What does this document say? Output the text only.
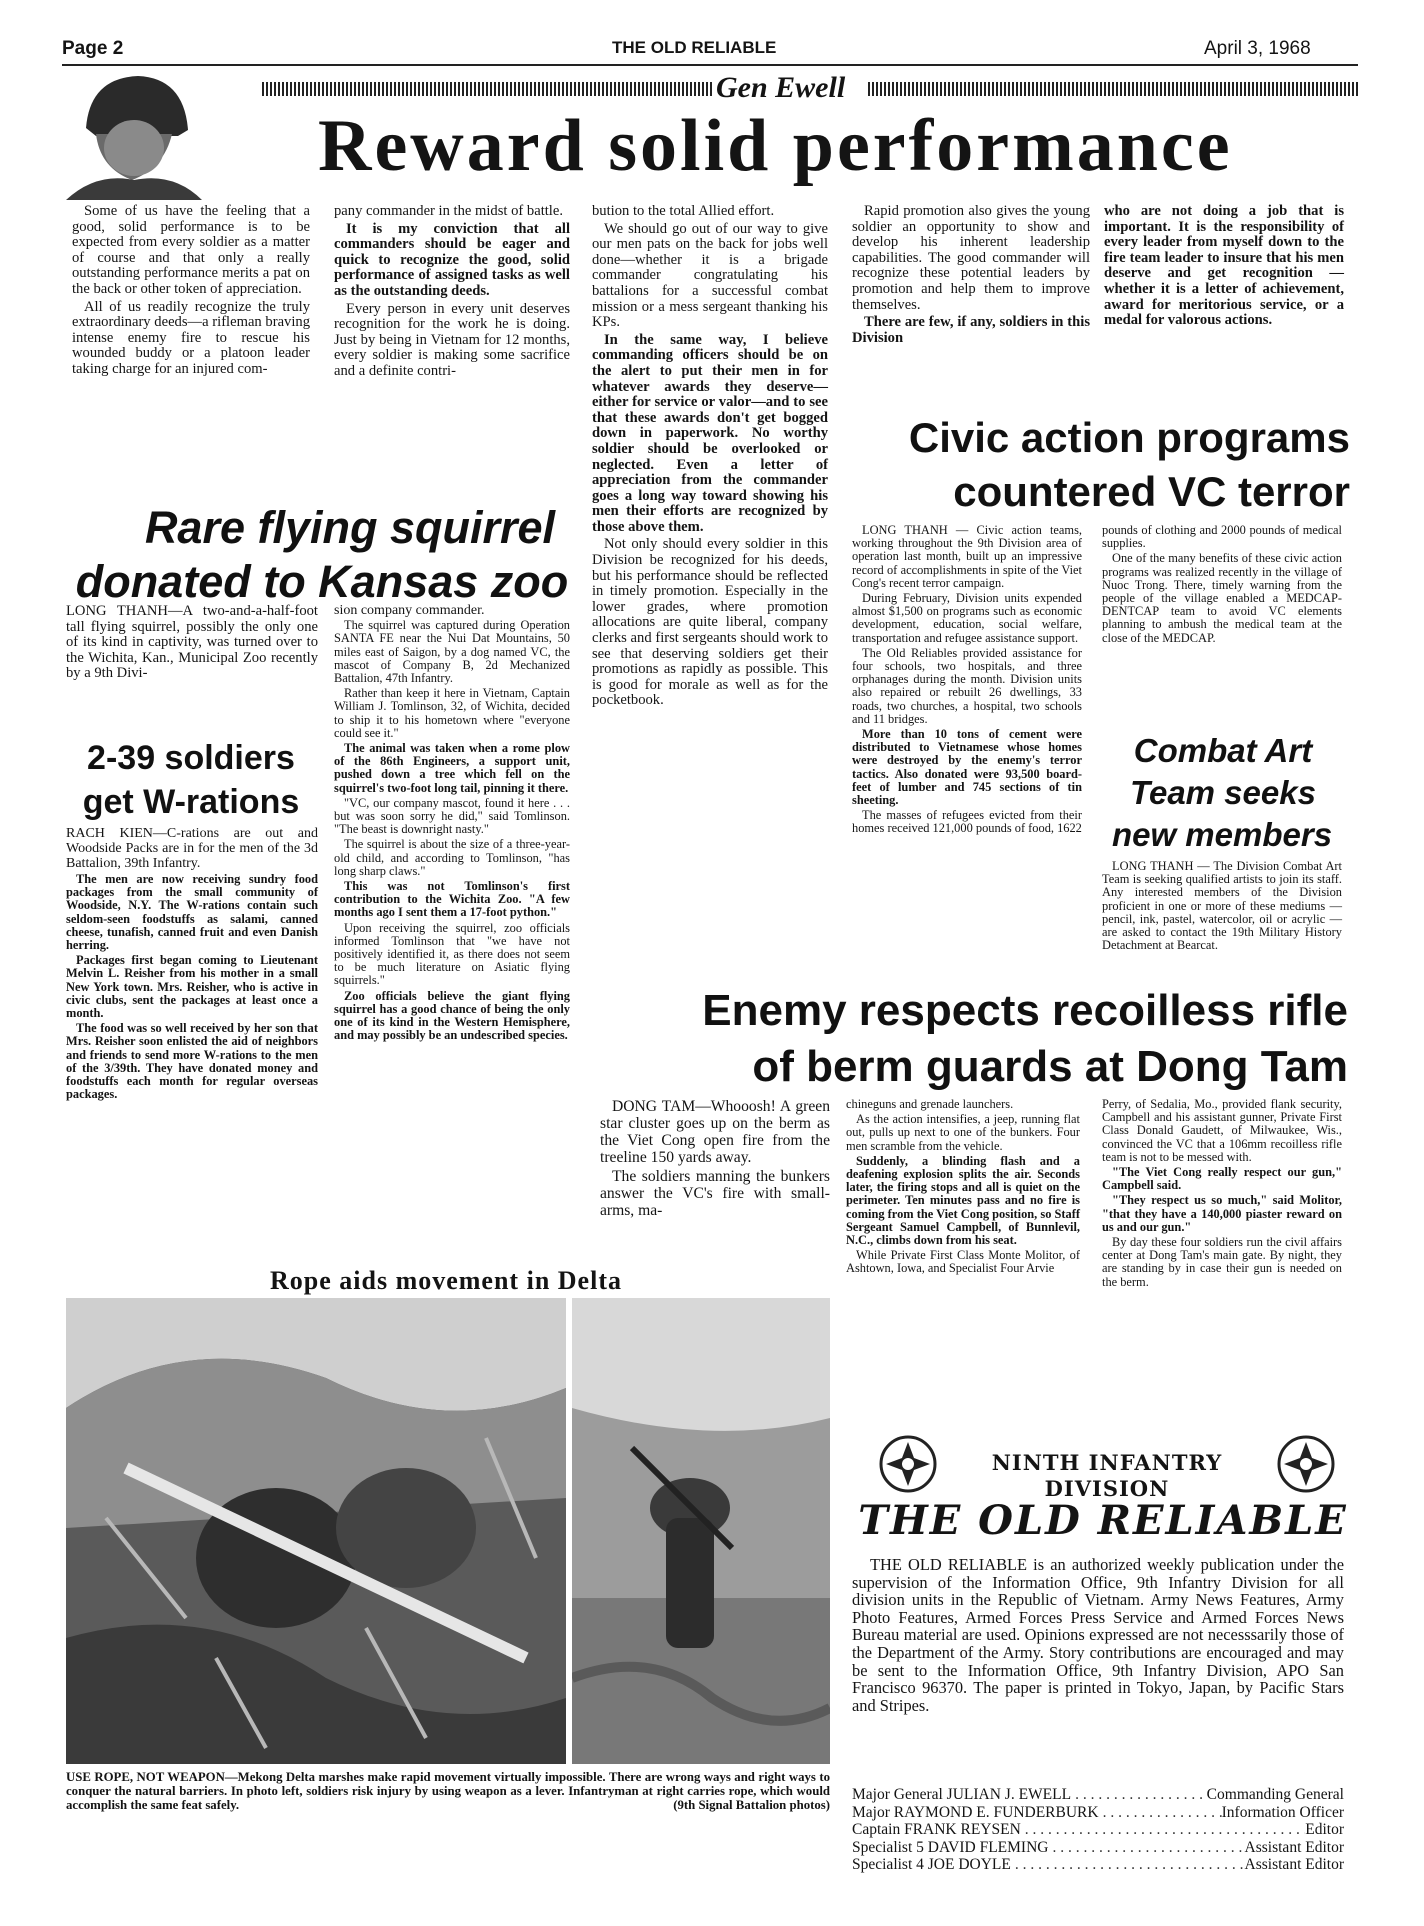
Page 2	THE OLD RELIABLE	April 3, 1968
Gen Ewell
Reward solid performance

Some of us have the feeling that a good, solid performance is to be expected from every soldier as a matter of course and that only a really outstanding performance merits a pat on the back or other token of appreciation.

All of us readily recognize the truly extraordinary deeds—a rifleman braving intense enemy fire to rescue his wounded buddy or a platoon leader taking charge for an injured com-

pany commander in the midst of battle.

It is my conviction that all commanders should be eager and quick to recognize the good, solid performance of assigned tasks as well as the outstanding deeds.

Every person in every unit deserves recognition for the work he is doing. Just by being in Vietnam for 12 months, every soldier is making some sacrifice and a definite contri-

bution to the total Allied effort.

We should go out of our way to give our men pats on the back for jobs well done—whether it is a brigade commander congratulating his battalions for a successful combat mission or a mess sergeant thanking his KPs.

In the same way, I believe commanding officers should be on the alert to put their men in for whatever awards they deserve—either for service or valor—and to see that these awards don't get bogged down in paperwork. No worthy soldier should be overlooked or neglected. Even a letter of appreciation from the commander goes a long way toward showing his men their efforts are recognized by those above them.

Not only should every soldier in this Division be recognized for his deeds, but his performance should be reflected in timely promotion. Especially in the lower grades, where promotion allocations are quite liberal, company clerks and first sergeants should work to see that deserving soldiers get their promotions as rapidly as possible. This is good for morale as well as for the pocketbook.

Rapid promotion also gives the young soldier an opportunity to show and develop his inherent leadership capabilities. The good commander will recognize these potential leaders by promotion and help them to improve themselves.

There are few, if any, soldiers in this Division

who are not doing a job that is important. It is the responsibility of every leader from myself down to the fire team leader to insure that his men deserve and get recognition — whether it is a letter of achievement, award for meritorious service, or a medal for valorous actions.

Rare flying squirrel
donated to Kansas zoo

LONG THANH—A two-and-a-half-foot tall flying squirrel, possibly the only one of its kind in captivity, was turned over to the Wichita, Kan., Municipal Zoo recently by a 9th Divi-

sion company commander.

The squirrel was captured during Operation SANTA FE near the Nui Dat Mountains, 50 miles east of Saigon, by a dog named VC, the mascot of Company B, 2d Mechanized Battalion, 47th Infantry.

Rather than keep it here in Vietnam, Captain William J. Tomlinson, 32, of Wichita, decided to ship it to his hometown where "everyone could see it."

The animal was taken when a rome plow of the 86th Engineers, a support unit, pushed down a tree which fell on the squirrel's two-foot long tail, pinning it there.

"VC, our company mascot, found it here . . . but was soon sorry he did," said Tomlinson. "The beast is downright nasty."

The squirrel is about the size of a three-year-old child, and according to Tomlinson, "has long sharp claws."

This was not Tomlinson's first contribution to the Wichita Zoo. "A few months ago I sent them a 17-foot python."

Upon receiving the squirrel, zoo officials informed Tomlinson that "we have not positively identified it, as there does not seem to be much literature on Asiatic flying squirrels."

Zoo officials believe the giant flying squirrel has a good chance of being the only one of its kind in the Western Hemisphere, and may possibly be an undescribed species.

2-39 soldiers
get W-rations

RACH KIEN—C-rations are out and Woodside Packs are in for the men of the 3d Battalion, 39th Infantry.

The men are now receiving sundry food packages from the small community of Woodside, N.Y. The W-rations contain such seldom-seen foodstuffs as salami, canned cheese, tunafish, canned fruit and even Danish herring.

Packages first began coming to Lieutenant Melvin L. Reisher from his mother in a small New York town. Mrs. Reisher, who is active in civic clubs, sent the packages at least once a month.

The food was so well received by her son that Mrs. Reisher soon enlisted the aid of neighbors and friends to send more W-rations to the men of the 3/39th. They have donated money and foodstuffs each month for regular overseas packages.

Civic action programs
countered VC terror

LONG THANH — Civic action teams, working throughout the 9th Division area of operation last month, built up an impressive record of accomplishments in spite of the Viet Cong's recent terror campaign.

During February, Division units expended almost $1,500 on programs such as economic development, education, social welfare, transportation and refugee assistance support.

The Old Reliables provided assistance for four schools, two hospitals, and three orphanages during the month. Division units also repaired or rebuilt 26 dwellings, 33 roads, two churches, a hospital, two schools and 11 bridges.

More than 10 tons of cement were distributed to Vietnamese whose homes were destroyed by the enemy's terror tactics. Also donated were 93,500 board-feet of lumber and 745 sections of tin sheeting.

The masses of refugees evicted from their homes received 121,000 pounds of food, 1622

pounds of clothing and 2000 pounds of medical supplies.

One of the many benefits of these civic action programs was realized recently in the village of Nuoc Trong. There, timely warning from the people of the village enabled a MEDCAP-DENTCAP team to avoid VC elements planning to ambush the medical team at the close of the MEDCAP.

Combat Art
Team seeks
new members

LONG THANH — The Division Combat Art Team is seeking qualified artists to join its staff. Any interested members of the Division proficient in one or more of these mediums — pencil, ink, pastel, watercolor, oil or acrylic — are asked to contact the 19th Military History Detachment at Bearcat.

Enemy respects recoilless rifle
of berm guards at Dong Tam

DONG TAM—Whooosh! A green star cluster goes up on the berm as the Viet Cong open fire from the treeline 150 yards away.

The soldiers manning the bunkers answer the VC's fire with small-arms, ma-

chineguns and grenade launchers.

As the action intensifies, a jeep, running flat out, pulls up next to one of the bunkers. Four men scramble from the vehicle.

Suddenly, a blinding flash and a deafening explosion splits the air. Seconds later, the firing stops and all is quiet on the perimeter. Ten minutes pass and no fire is coming from the Viet Cong position, so Staff Sergeant Samuel Campbell, of Bunnlevil, N.C., climbs down from his seat.

While Private First Class Monte Molitor, of Ashtown, Iowa, and Specialist Four Arvie

Perry, of Sedalia, Mo., provided flank security, Campbell and his assistant gunner, Private First Class Donald Gaudett, of Milwaukee, Wis., convinced the VC that a 106mm recoilless rifle team is not to be messed with.

"The Viet Cong really respect our gun," Campbell said.

"They respect us so much," said Molitor, "that they have a 140,000 piaster reward on us and our gun."

By day these four soldiers run the civil affairs center at Dong Tam's main gate. By night, they are standing by in case their gun is needed on the berm.

Rope aids movement in Delta
USE ROPE, NOT WEAPON—Mekong Delta marshes make rapid movement virtually impossible. There are wrong ways and right ways to conquer the natural barriers. In photo left, soldiers risk injury by using weapon as a lever. Infantryman at right carries rope, which would accomplish the same feat safely.	(9th Signal Battalion photos)
NINTH INFANTRY DIVISION
THE OLD RELIABLE
THE OLD RELIABLE is an authorized weekly publication under the supervision of the Information Office, 9th Infantry Division for all division units in the Republic of Vietnam. Army News Features, Army Photo Features, Armed Forces Press Service and Armed Forces News Bureau material are used. Opinions expressed are not necesssarily those of the Department of the Army. Story contributions are encouraged and may be sent to the Information Office, 9th Infantry Division, APO San Francisco 96370. The paper is printed in Tokyo, Japan, by Pacific Stars and Stripes.
Major General JULIAN J. EWELL . . .	Commanding General
Major RAYMOND E. FUNDERBURK . . .	Information Officer
Captain FRANK REYSEN . . .	Editor
Specialist 5 DAVID FLEMING . . .	Assistant Editor
Specialist 4 JOE DOYLE . . .	Assistant Editor
